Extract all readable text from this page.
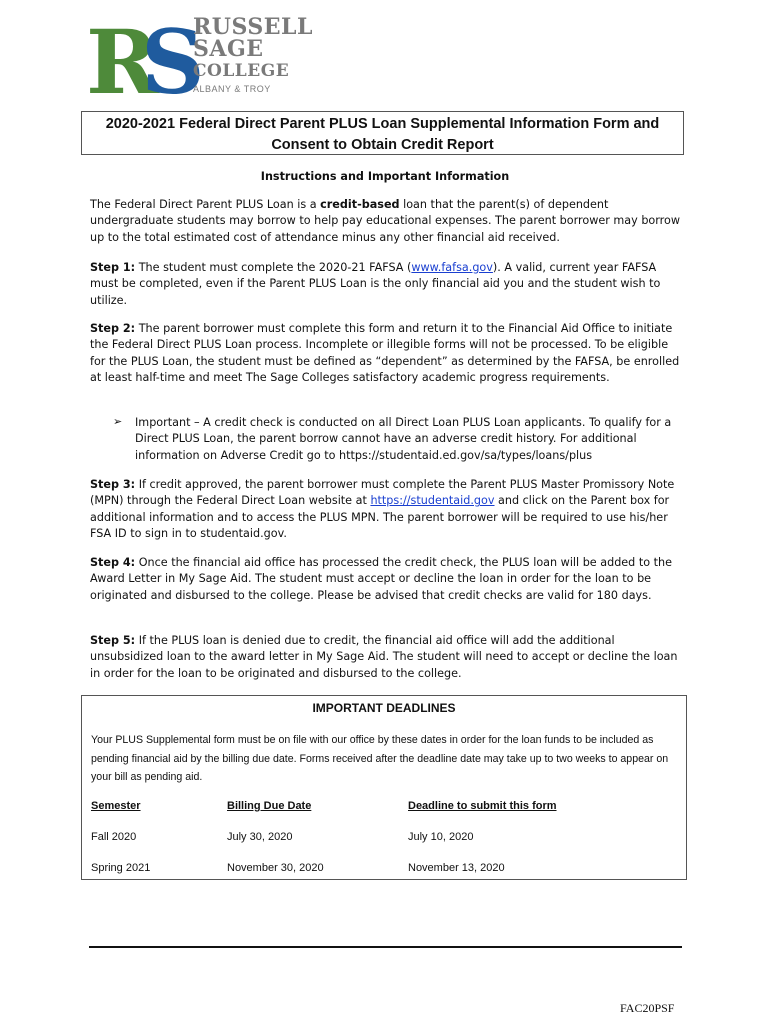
RS
RUSSELL
SAGE
COLLEGE
ALBANY & TROY
2020-2021 Federal Direct Parent PLUS Loan Supplemental Information Form and
Consent to Obtain Credit Report
Instructions and Important Information
The Federal Direct Parent PLUS Loan is a credit-based loan that the parent(s) of dependent undergraduate students may borrow to help pay educational expenses. The parent borrower may borrow up to the total estimated cost of attendance minus any other financial aid received.
Step 1: The student must complete the 2020-21 FAFSA (www.fafsa.gov). A valid, current year FAFSA must be completed, even if the Parent PLUS Loan is the only financial aid you and the student wish to utilize.
Step 2: The parent borrower must complete this form and return it to the Financial Aid Office to initiate the Federal Direct PLUS Loan process. Incomplete or illegible forms will not be processed. To be eligible for the PLUS Loan, the student must be defined as “dependent” as determined by the FAFSA, be enrolled at least half-time and meet The Sage Colleges satisfactory academic progress requirements.
➢ Important – A credit check is conducted on all Direct Loan PLUS Loan applicants. To qualify for a Direct PLUS Loan, the parent borrow cannot have an adverse credit history. For additional information on Adverse Credit go to https://studentaid.ed.gov/sa/types/loans/plus
Step 3: If credit approved, the parent borrower must complete the Parent PLUS Master Promissory Note (MPN) through the Federal Direct Loan website at https://studentaid.gov and click on the Parent box for additional information and to access the PLUS MPN. The parent borrower will be required to use his/her FSA ID to sign in to studentaid.gov.
Step 4: Once the financial aid office has processed the credit check, the PLUS loan will be added to the Award Letter in My Sage Aid. The student must accept or decline the loan in order for the loan to be originated and disbursed to the college. Please be advised that credit checks are valid for 180 days.
Step 5: If the PLUS loan is denied due to credit, the financial aid office will add the additional unsubsidized loan to the award letter in My Sage Aid. The student will need to accept or decline the loan in order for the loan to be originated and disbursed to the college.
IMPORTANT DEADLINES
Your PLUS Supplemental form must be on file with our office by these dates in order for the loan funds to be included as pending financial aid by the billing due date. Forms received after the deadline date may take up to two weeks to appear on your bill as pending aid.
Semester	Billing Due Date	Deadline to submit this form
Fall 2020	July 30, 2020	July 10, 2020
Spring 2021	November 30, 2020	November 13, 2020
FAC20PSF
